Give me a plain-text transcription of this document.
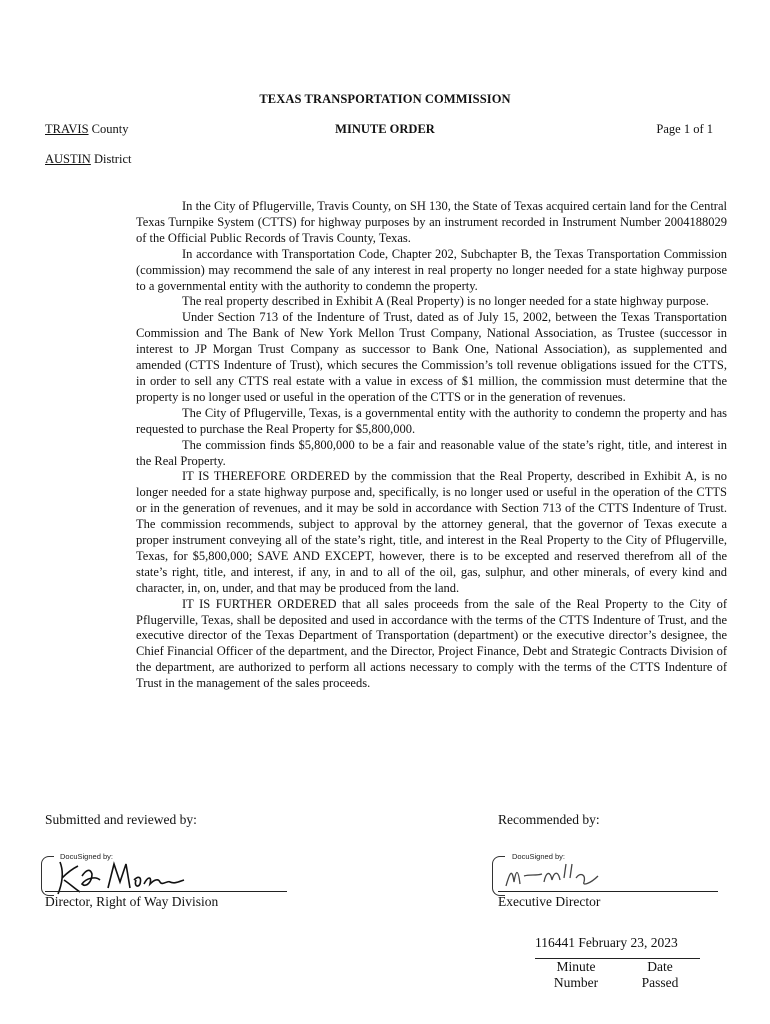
TEXAS TRANSPORTATION COMMISSION
TRAVIS County	MINUTE ORDER	Page 1 of 1
AUSTIN District

In the City of Pflugerville, Travis County, on SH 130, the State of Texas acquired certain land for the Central Texas Turnpike System (CTTS) for highway purposes by an instrument recorded in Instrument Number 2004188029 of the Official Public Records of Travis County, Texas.

In accordance with Transportation Code, Chapter 202, Subchapter B, the Texas Transportation Commission (commission) may recommend the sale of any interest in real property no longer needed for a state highway purpose to a governmental entity with the authority to condemn the property.

The real property described in Exhibit A (Real Property) is no longer needed for a state highway purpose.

Under Section 713 of the Indenture of Trust, dated as of July 15, 2002, between the Texas Transportation Commission and The Bank of New York Mellon Trust Company, National Association, as Trustee (successor in interest to JP Morgan Trust Company as successor to Bank One, National Association), as supplemented and amended (CTTS Indenture of Trust), which secures the Commission’s toll revenue obligations issued for the CTTS, in order to sell any CTTS real estate with a value in excess of $1 million, the commission must determine that the property is no longer used or useful in the operation of the CTTS or in the generation of revenues.

The City of Pflugerville, Texas, is a governmental entity with the authority to condemn the property and has requested to purchase the Real Property for $5,800,000.

The commission finds $5,800,000 to be a fair and reasonable value of the state’s right, title, and interest in the Real Property.

IT IS THEREFORE ORDERED by the commission that the Real Property, described in Exhibit A, is no longer needed for a state highway purpose and, specifically, is no longer used or useful in the operation of the CTTS or in the generation of revenues, and it may be sold in accordance with Section 713 of the CTTS Indenture of Trust. The commission recommends, subject to approval by the attorney general, that the governor of Texas execute a proper instrument conveying all of the state’s right, title, and interest in the Real Property to the City of Pflugerville, Texas, for $5,800,000; SAVE AND EXCEPT, however, there is to be excepted and reserved therefrom all of the state’s right, title, and interest, if any, in and to all of the oil, gas, sulphur, and other minerals, of every kind and character, in, on, under, and that may be produced from the land.

IT IS FURTHER ORDERED that all sales proceeds from the sale of the Real Property to the City of Pflugerville, Texas, shall be deposited and used in accordance with the terms of the CTTS Indenture of Trust, and the executive director of the Texas Department of Transportation (department) or the executive director’s designee, the Chief Financial Officer of the department, and the Director, Project Finance, Debt and Strategic Contracts Division of the department, are authorized to perform all actions necessary to comply with the terms of the CTTS Indenture of Trust in the management of the sales proceeds.

Submitted and reviewed by:
DocuSigned by:
Director, Right of Way Division
Recommended by:
DocuSigned by:
Executive Director
116441 February 23, 2023
Minute
Number
Date
Passed
